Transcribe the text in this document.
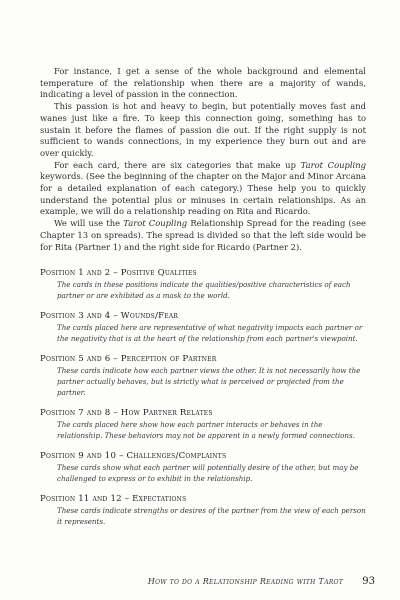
For instance, I get a sense of the whole background and elemental temperature of the relationship when there are a majority of wands, indicating a level of passion in the connection.

This passion is hot and heavy to begin, but potentially moves fast and wanes just like a fire. To keep this connection going, something has to sustain it before the flames of passion die out. If the right supply is not sufficient to wands connections, in my experience they burn out and are over quickly.

For each card, there are six categories that make up Tarot Coupling keywords. (See the beginning of the chapter on the Major and Minor Arcana for a detailed explanation of each category.) These help you to quickly understand the potential plus or minuses in certain relationships. As an example, we will do a relationship reading on Rita and Ricardo.

We will use the Tarot Coupling Relationship Spread for the reading (see Chapter 13 on spreads). The spread is divided so that the left side would be for Rita (Partner 1) and the right side for Ricardo (Partner 2).

Position 1 and 2 – Positive Qualities
The cards in these positions indicate the qualities/positive characteristics of each partner or are exhibited as a mask to the world.
Position 3 and 4 – Wounds/Fear
The cards placed here are representative of what negativity impacts each partner or the negativity that is at the heart of the relationship from each partner's viewpoint.
Position 5 and 6 – Perception of Partner
These cards indicate how each partner views the other. It is not necessarily how the partner actually behaves, but is strictly what is perceived or projected from the partner.
Position 7 and 8 – How Partner Relates
The cards placed here show how each partner interacts or behaves in the relationship. These behaviors may not be apparent in a newly formed connections.
Position 9 and 10 – Challenges/Complaints
These cards show what each partner will potentially desire of the other, but may be challenged to express or to exhibit in the relationship.
Position 11 and 12 – Expectations
These cards indicate strengths or desires of the partner from the view of each person it represents.
How to do a Relationship Reading with Tarot 93
